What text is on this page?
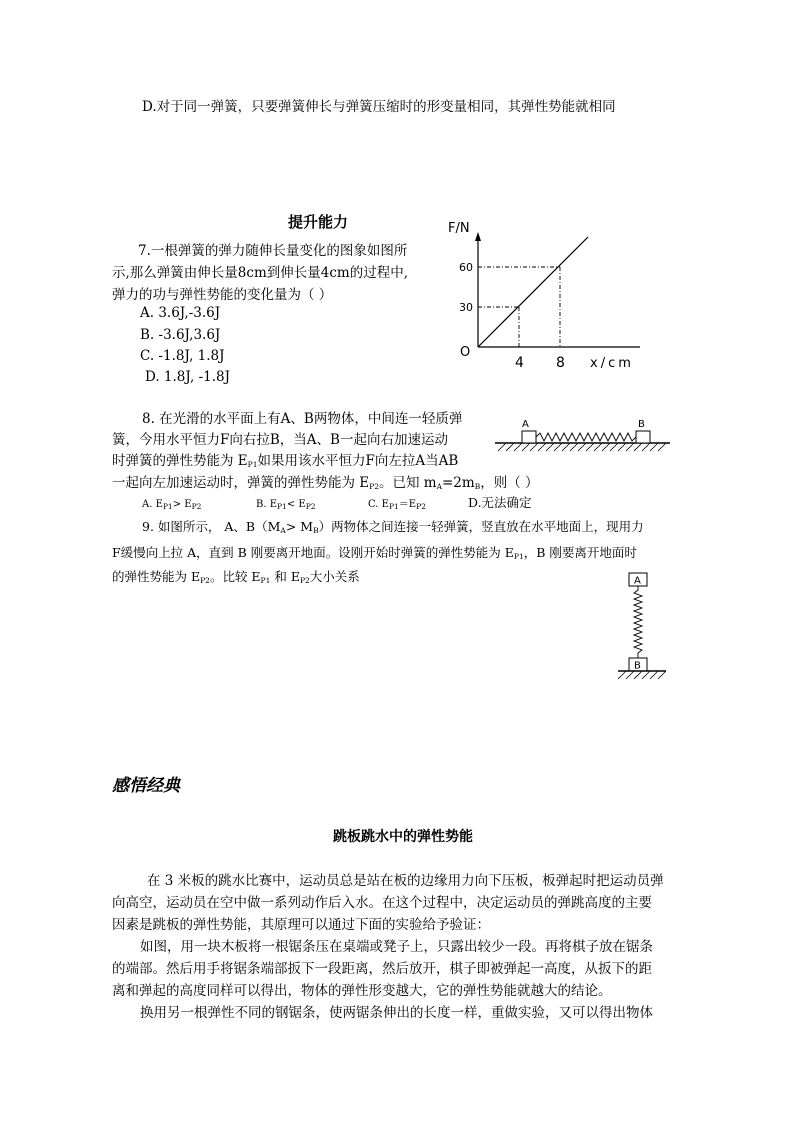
D.对于同一弹簧，只要弹簧伸长与弹簧压缩时的形变量相同，其弹性势能就相同
提升能力
7.一根弹簧的弹力随伸长量变化的图象如图所
示,那么弹簧由伸长量8cm到伸长量4cm的过程中,
弹力的功与弹性势能的变化量为（ ）
A. 3.6J,-3.6J
B. -3.6J,3.6J
C. -1.8J, 1.8J
D. 1.8J, -1.8J
F/N
60
30
O
4 8 x/cm
8. 在光滑的水平面上有A、B两物体，中间连一轻质弹
簧，今用水平恒力F向右拉B，当A、B一起向右加速运动
时弹簧的弹性势能为 $E_{P1}$如果用该水平恒力F向左拉A当AB
一起向左加速运动时，弹簧的弹性势能为 $E_{P2}$。已知 $m_A=2m_B$，则（ ）
A. $E_{P1}> E_{P2}$	B. $E_{P1}< E_{P2}$	C. $E_{P1}=E_{P2}$	D.无法确定
A	B
9. 如图所示， A、$B(M_A> M_B)$两物体之间连接一轻弹簧，竖直放在水平地面上，现用力
F缓慢向上拉 A，直到 B 刚要离开地面。设刚开始时弹簧的弹性势能为 $E_{P1}$，B 刚要离开地面时
的弹性势能为 $E_{P2}$。比较 $E_{P1}$ 和 $E_{P2}$大小关系	A
B
感悟经典
跳板跳水中的弹性势能
在 3 米板的跳水比赛中，运动员总是站在板的边缘用力向下压板，板弹起时把运动员弹
向高空，运动员在空中做一系列动作后入水。在这个过程中，决定运动员的弹跳高度的主要
因素是跳板的弹性势能，其原理可以通过下面的实验给予验证：
如图，用一块木板将一根锯条压在桌端或凳子上，只露出较少一段。再将棋子放在锯条
的端部。然后用手将锯条端部扳下一段距离，然后放开，棋子即被弹起一高度，从扳下的距
离和弹起的高度同样可以得出，物体的弹性形变越大，它的弹性势能就越大的结论。
换用另一根弹性不同的钢锯条，使两锯条伸出的长度一样，重做实验，又可以得出物体
